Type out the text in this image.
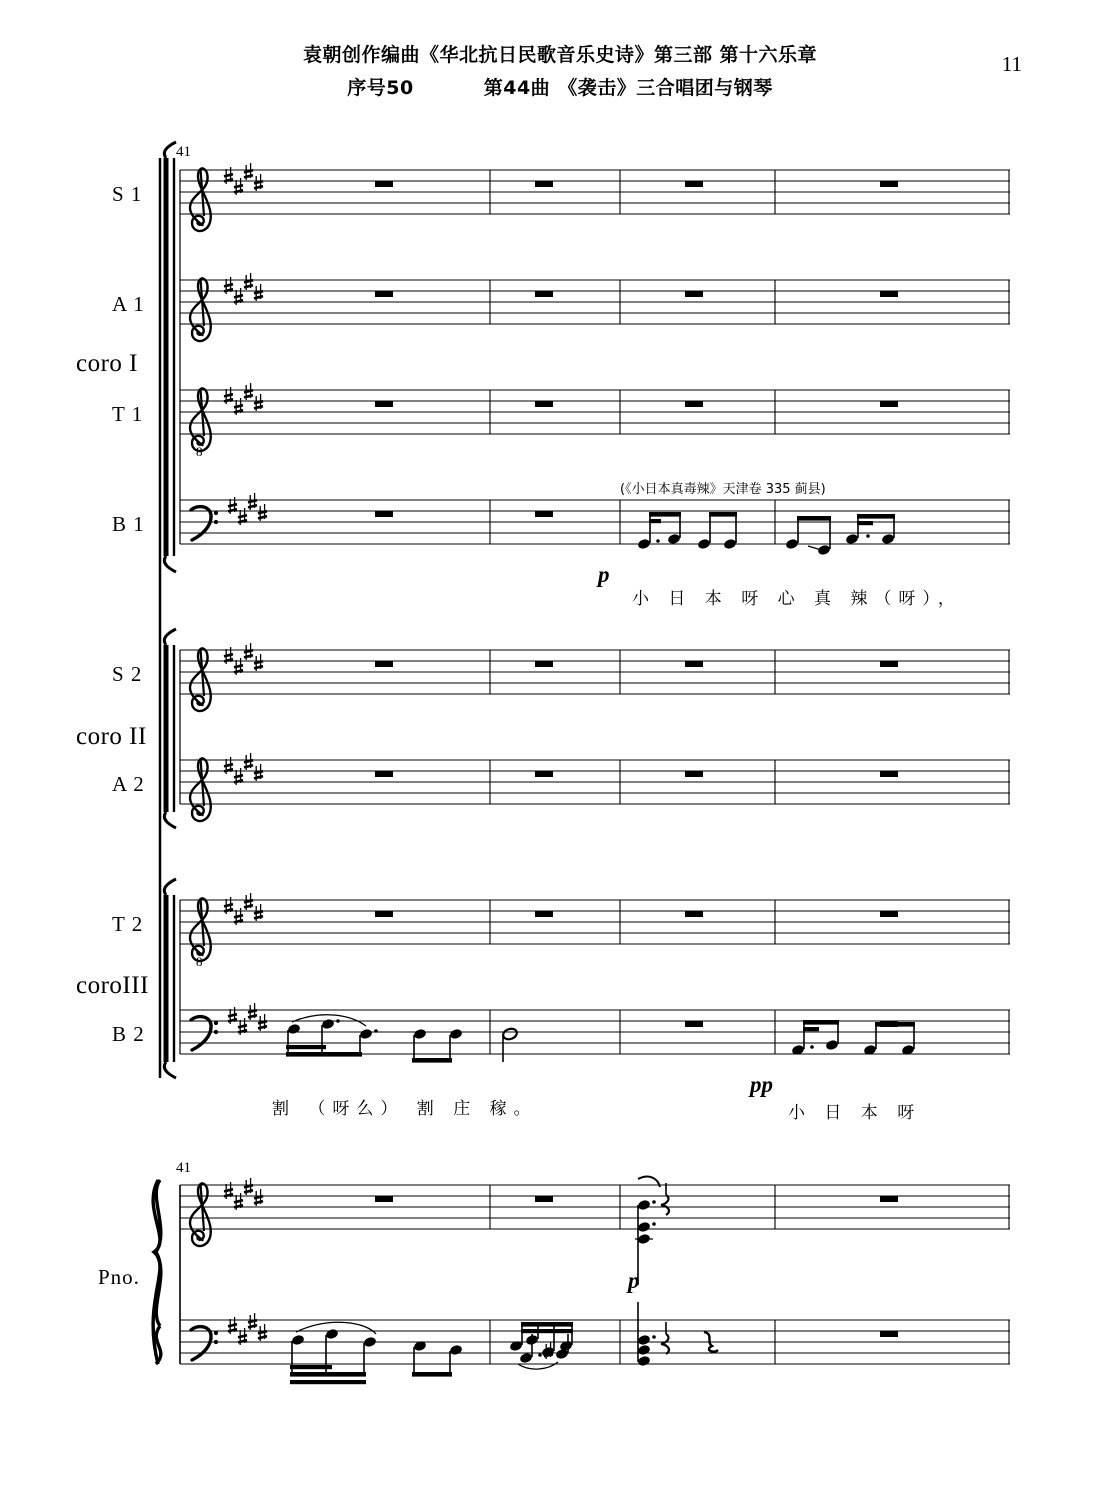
袁朝创作编曲《华北抗日民歌音乐史诗》第三部 第十六乐章
序号50	第44曲 《袭击》三合唱团与钢琴
11
8
8
coro I
coro II
coroIII
S 1
A 1
T 1
B 1
S 2
A 2
T 2
B 2
Pno.
41
41
(《小日本真毒辣》天津卷 335 蓟县)
p
pp
p
小 日 本 呀 心 真 辣（呀），
割 （呀么） 割 庄 稼。	小 日 本 呀
